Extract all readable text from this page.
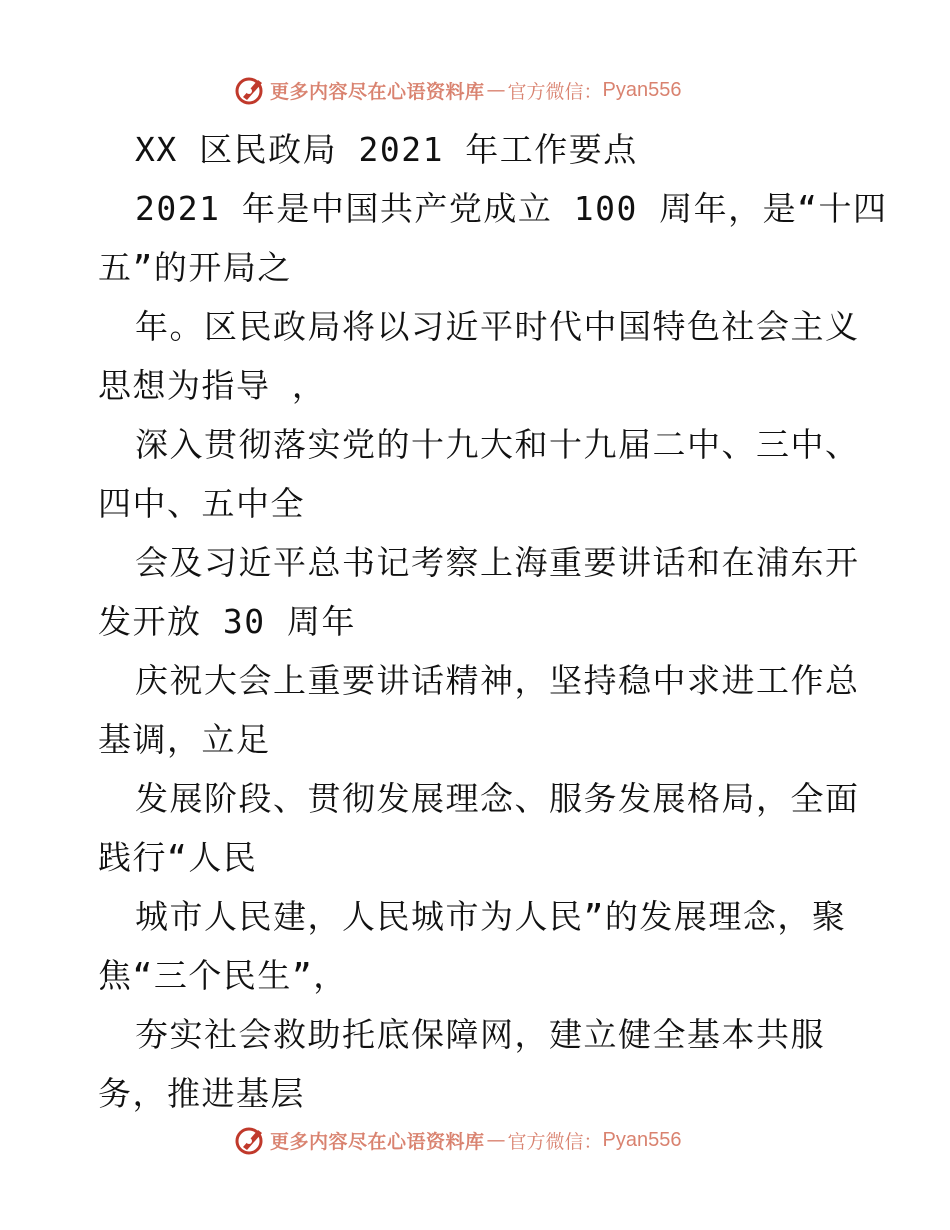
更多内容尽在心语资料库 — 官方微信： Pyan556
XX 区民政局 2021 年工作要点
2021 年是中国共产党成立 100 周年，是“十四
五”的开局之
年。区民政局将以习近平时代中国特色社会主义
思想为指导 ，
深入贯彻落实党的十九大和十九届二中、三中、
四中、五中全
会及习近平总书记考察上海重要讲话和在浦东开
发开放 30 周年
庆祝大会上重要讲话精神，坚持稳中求进工作总
基调，立足
发展阶段、贯彻发展理念、服务发展格局，全面
践行“人民
城市人民建，人民城市为人民”的发展理念，聚
焦“三个民生”，
夯实社会救助托底保障网，建立健全基本共服
务，推进基层
更多内容尽在心语资料库 — 官方微信： Pyan556
